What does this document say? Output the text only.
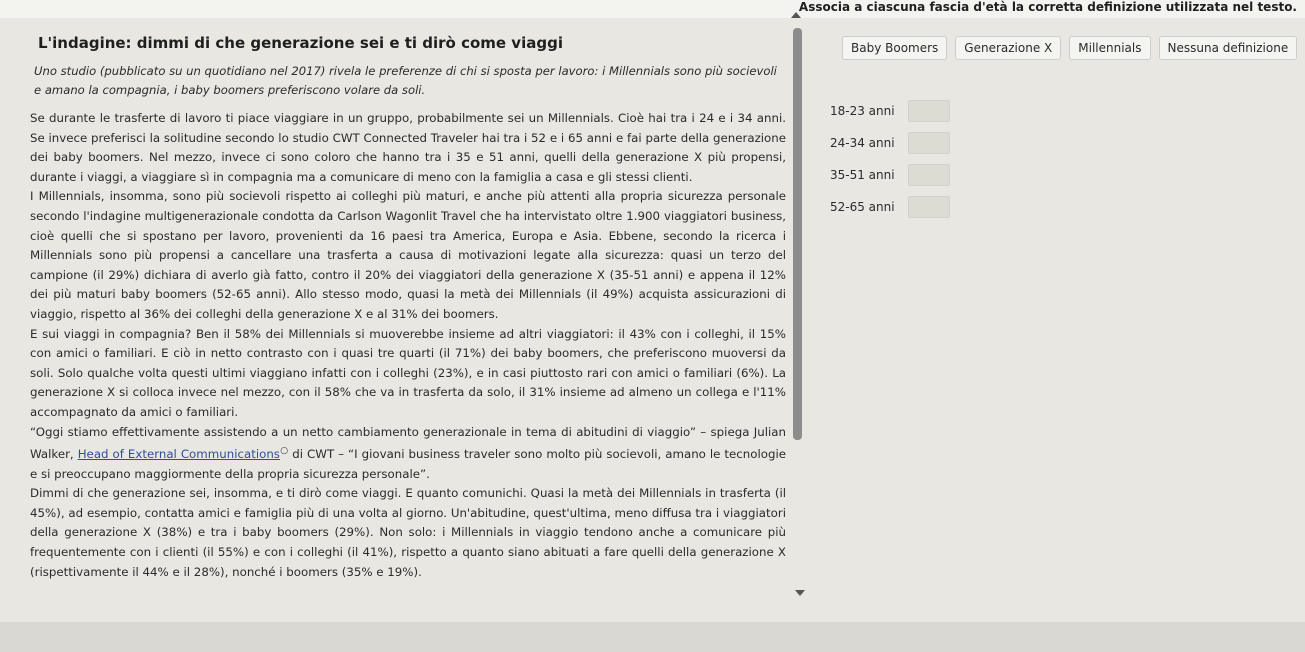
Associa a ciascuna fascia d'età la corretta definizione utilizzata nel testo.
L'indagine: dimmi di che generazione sei e ti dirò come viaggi

Uno studio (pubblicato su un quotidiano nel 2017) rivela le preferenze di chi si sposta per lavoro: i Millennials sono più socievoli e amano la compagnia, i baby boomers preferiscono volare da soli.

Se durante le trasferte di lavoro ti piace viaggiare in un gruppo, probabilmente sei un Millennials. Cioè hai tra i 24 e i 34 anni. Se invece preferisci la solitudine secondo lo studio CWT Connected Traveler hai tra i 52 e i 65 anni e fai parte della generazione dei baby boomers. Nel mezzo, invece ci sono coloro che hanno tra i 35 e 51 anni, quelli della generazione X più propensi, durante i viaggi, a viaggiare sì in compagnia ma a comunicare di meno con la famiglia a casa e gli stessi clienti.

I Millennials, insomma, sono più socievoli rispetto ai colleghi più maturi, e anche più attenti alla propria sicurezza personale secondo l'indagine multigenerazionale condotta da Carlson Wagonlit Travel che ha intervistato oltre 1.900 viaggiatori business, cioè quelli che si spostano per lavoro, provenienti da 16 paesi tra America, Europa e Asia. Ebbene, secondo la ricerca i Millennials sono più propensi a cancellare una trasferta a causa di motivazioni legate alla sicurezza: quasi un terzo del campione (il 29%) dichiara di averlo già fatto, contro il 20% dei viaggiatori della generazione X (35-51 anni) e appena il 12% dei più maturi baby boomers (52-65 anni). Allo stesso modo, quasi la metà dei Millennials (il 49%) acquista assicurazioni di viaggio, rispetto al 36% dei colleghi della generazione X e al 31% dei boomers.

E sui viaggi in compagnia? Ben il 58% dei Millennials si muoverebbe insieme ad altri viaggiatori: il 43% con i colleghi, il 15% con amici o familiari. E ciò in netto contrasto con i quasi tre quarti (il 71%) dei baby boomers, che preferiscono muoversi da soli. Solo qualche volta questi ultimi viaggiano infatti con i colleghi (23%), e in casi piuttosto rari con amici o familiari (6%). La generazione X si colloca invece nel mezzo, con il 58% che va in trasferta da solo, il 31% insieme ad almeno un collega e l'11% accompagnato da amici o familiari.

“Oggi stiamo effettivamente assistendo a un netto cambiamento generazionale in tema di abitudini di viaggio” – spiega Julian Walker, Head of External Communications○ di CWT – “I giovani business traveler sono molto più socievoli, amano le tecnologie e si preoccupano maggiormente della propria sicurezza personale”.

Dimmi di che generazione sei, insomma, e ti dirò come viaggi. E quanto comunichi. Quasi la metà dei Millennials in trasferta (il 45%), ad esempio, contatta amici e famiglia più di una volta al giorno. Un'abitudine, quest'ultima, meno diffusa tra i viaggiatori della generazione X (38%) e tra i baby boomers (29%). Non solo: i Millennials in viaggio tendono anche a comunicare più frequentemente con i clienti (il 55%) e con i colleghi (il 41%), rispetto a quanto siano abituati a fare quelli della generazione X (rispettivamente il 44% e il 28%), nonché i boomers (35% e 19%).

Baby Boomers	Generazione X	Millennials	Nessuna definizione
18-23 anni
24-34 anni
35-51 anni
52-65 anni
